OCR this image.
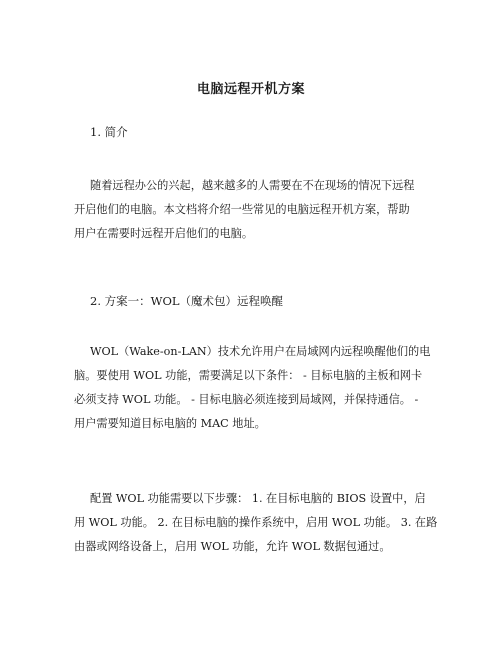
电脑远程开机方案
1. 简介
随着远程办公的兴起，越来越多的人需要在不在现场的情况下远程
开启他们的电脑。本文档将介绍一些常见的电脑远程开机方案，帮助
用户在需要时远程开启他们的电脑。
2. 方案一：WOL（魔术包）远程唤醒
WOL（Wake-on-LAN）技术允许用户在局域网内远程唤醒他们的电
脑。要使用 WOL 功能，需要满足以下条件： - 目标电脑的主板和网卡
必须支持 WOL 功能。 - 目标电脑必须连接到局域网，并保持通信。 -
用户需要知道目标电脑的 MAC 地址。
配置 WOL 功能需要以下步骤： 1. 在目标电脑的 BIOS 设置中，启
用 WOL 功能。 2. 在目标电脑的操作系统中，启用 WOL 功能。 3. 在路
由器或网络设备上，启用 WOL 功能，允许 WOL 数据包通过。
